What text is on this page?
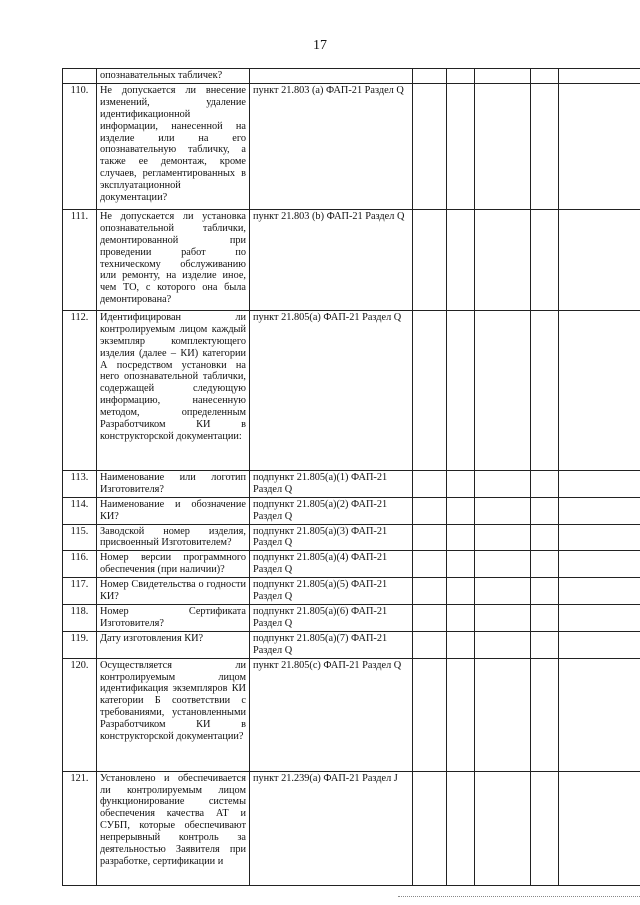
17
	опознавательных табличек?						
110.	Не допускается ли внесение изменений, удаление идентификационной информации, нанесенной на изделие или на его опознавательную табличку, а также ее демонтаж, кроме случаев, регламентированных в эксплуатационной документации?	пункт 21.803 (a) ФАП-21 Раздел Q					
111.	Не допускается ли установка опознавательной таблички, демонтированной при проведении работ по техническому обслуживанию или ремонту, на изделие иное, чем ТО, с которого она была демонтирована?	пункт 21.803 (b) ФАП-21 Раздел Q					
112.	Идентифицирован ли контролируемым лицом каждый экземпляр комплектующего изделия (далее – КИ) категории А посредством установки на него опознавательной таблички, содержащей следующую информацию, нанесенную методом, определенным Разработчиком КИ в конструкторской документации:	пункт 21.805(a) ФАП-21 Раздел Q					
113.	Наименование или логотип Изготовителя?	подпункт 21.805(a)(1) ФАП-21 Раздел Q					
114.	Наименование и обозначение КИ?	подпункт 21.805(a)(2) ФАП-21 Раздел Q					
115.	Заводской номер изделия, присвоенный Изготовителем?	подпункт 21.805(a)(3) ФАП-21 Раздел Q					
116.	Номер версии программного обеспечения (при наличии)?	подпункт 21.805(a)(4) ФАП-21 Раздел Q					
117.	Номер Свидетельства о годности КИ?	подпункт 21.805(a)(5) ФАП-21 Раздел Q					
118.	Номер Сертификата Изготовителя?	подпункт 21.805(a)(6) ФАП-21 Раздел Q					
119.	Дату изготовления КИ?	подпункт 21.805(a)(7) ФАП-21 Раздел Q					
120.	Осуществляется ли контролируемым лицом идентификация экземпляров КИ категории Б соответствии с требованиями, установленными Разработчиком КИ в конструкторской документации?	пункт 21.805(c) ФАП-21 Раздел Q					
121.	Установлено и обеспечивается ли контролируемым лицом функционирование системы обеспечения качества АТ и СУБП, которые обеспечивают непрерывный контроль за деятельностью Заявителя при разработке, сертификации и	пункт 21.239(a) ФАП-21 Раздел J					
